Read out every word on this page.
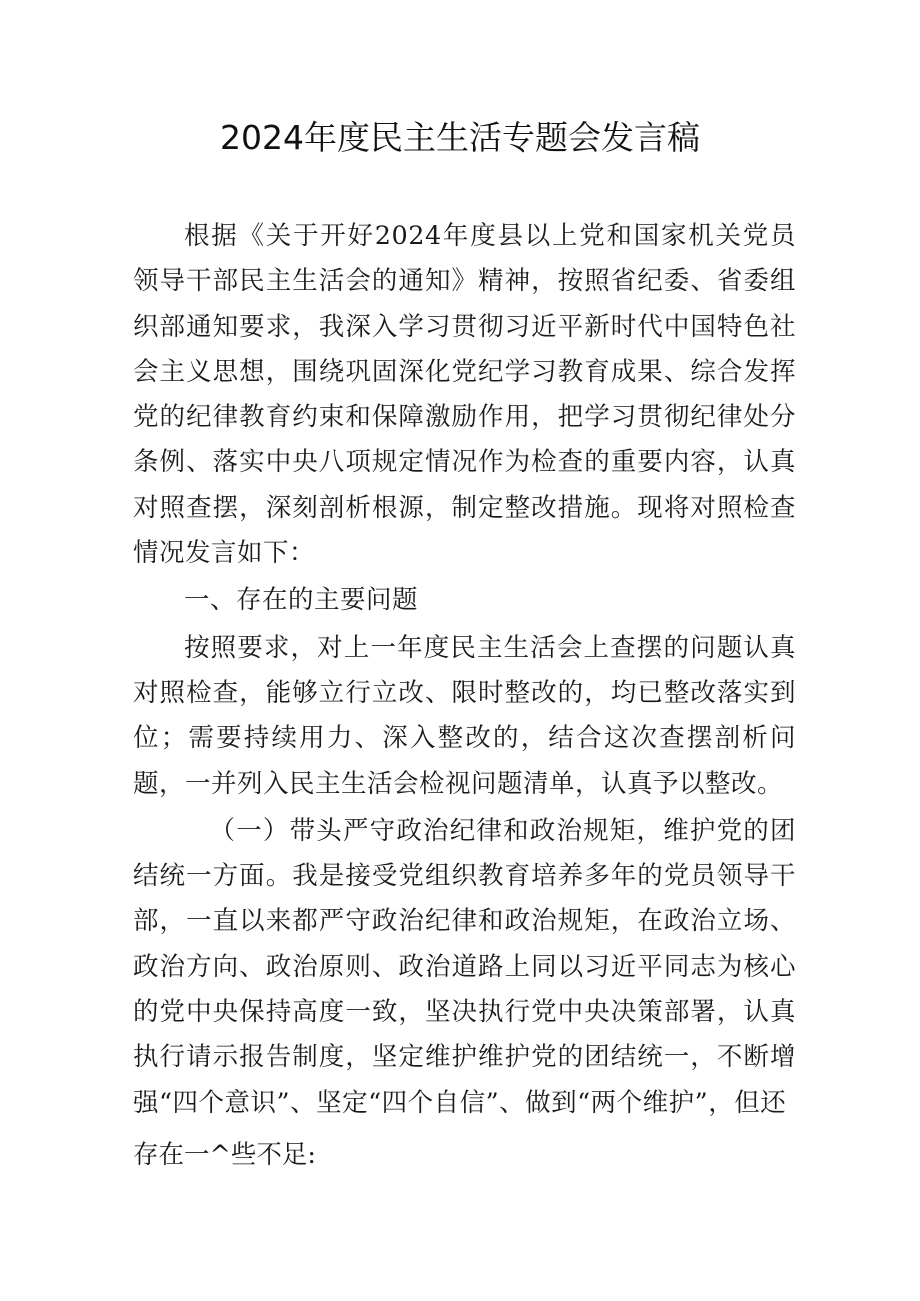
2024年度民主生活专题会发言稿

根据《关于开好2024年度县以上党和国家机关党员领导干部民主生活会的通知》精神，按照省纪委、省委组织部通知要求，我深入学习贯彻习近平新时代中国特色社会主义思想，围绕巩固深化党纪学习教育成果、综合发挥党的纪律教育约束和保障激励作用，把学习贯彻纪律处分条例、落实中央八项规定情况作为检查的重要内容，认真对照查摆，深刻剖析根源，制定整改措施。现将对照检查情况发言如下：

一、存在的主要问题

按照要求，对上一年度民主生活会上查摆的问题认真对照检查，能够立行立改、限时整改的，均已整改落实到位；需要持续用力、深入整改的，结合这次查摆剖析问题，一并列入民主生活会检视问题清单，认真予以整改。

（一）带头严守政治纪律和政治规矩，维护党的团结统一方面。我是接受党组织教育培养多年的党员领导干部，一直以来都严守政治纪律和政治规矩，在政治立场、政治方向、政治原则、政治道路上同以习近平同志为核心的党中央保持高度一致，坚决执行党中央决策部署，认真执行请示报告制度，坚定维护维护党的团结统一，不断增强“四个意识”、坚定“四个自信”、做到“两个维护”，但还

存在一^些不足:
